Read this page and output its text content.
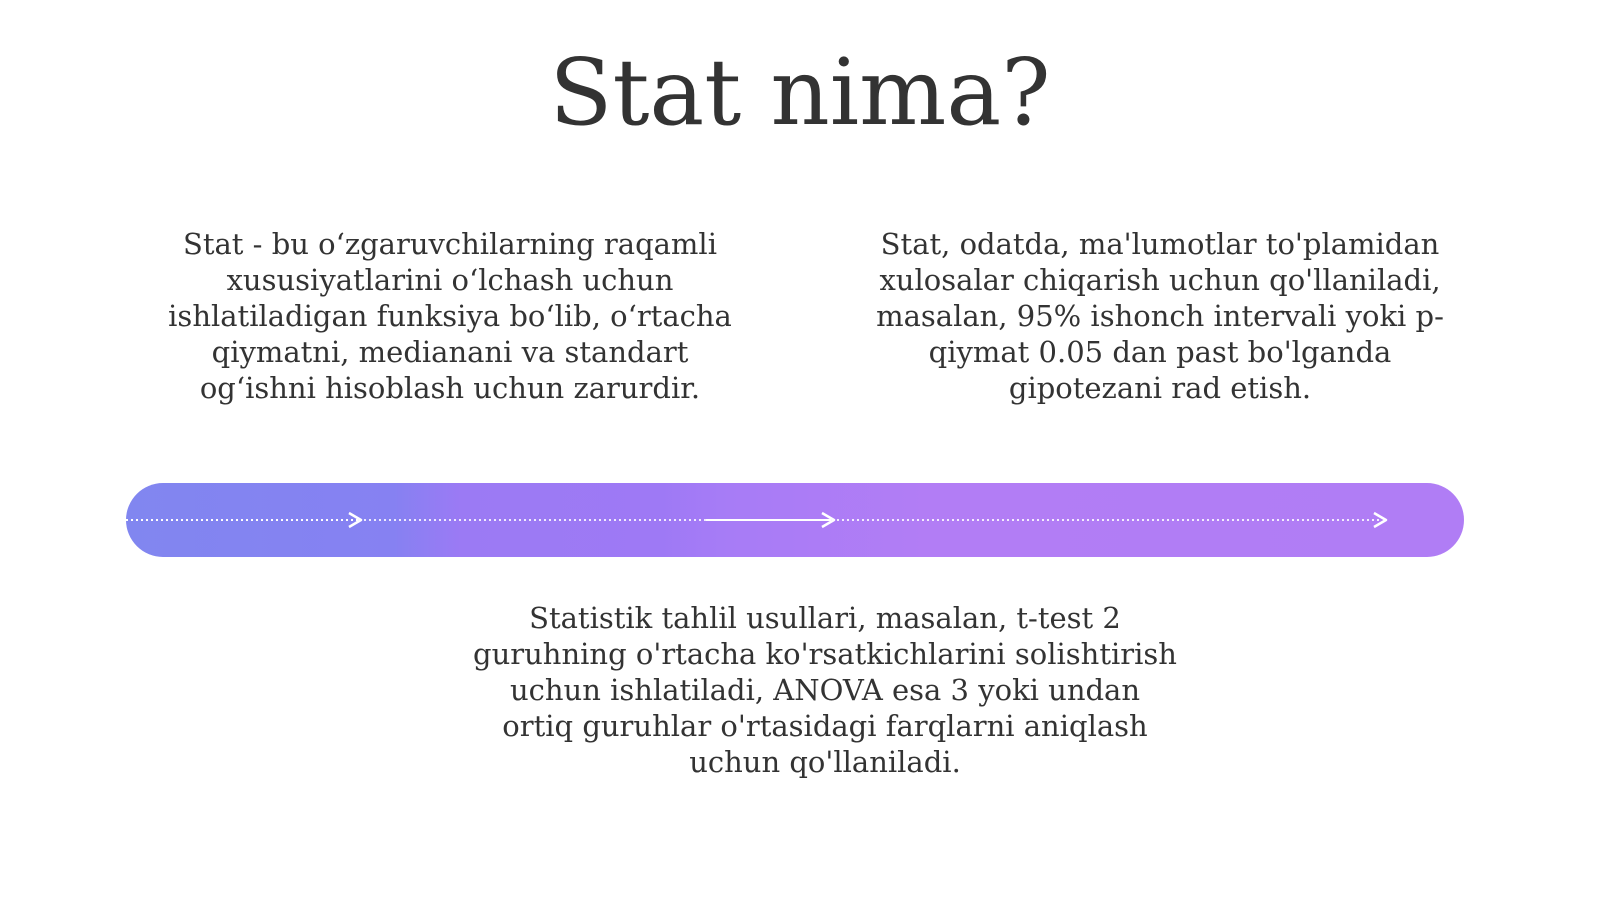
Stat nima?

Stat - bu o‘zgaruvchilarning raqamli xususiyatlarini o‘lchash uchun ishlatiladigan funksiya bo‘lib, o‘rtacha qiymatni, medianani va standart og‘ishni hisoblash uchun zarurdir.

Stat, odatda, ma'lumotlar to'plamidan xulosalar chiqarish uchun qo'llaniladi, masalan, 95% ishonch intervali yoki p-qiymat 0.05 dan past bo'lganda gipotezani rad etish.

Statistik tahlil usullari, masalan, t-test 2 guruhning o'rtacha ko'rsatkichlarini solishtirish uchun ishlatiladi, ANOVA esa 3 yoki undan ortiq guruhlar o'rtasidagi farqlarni aniqlash uchun qo'llaniladi.
